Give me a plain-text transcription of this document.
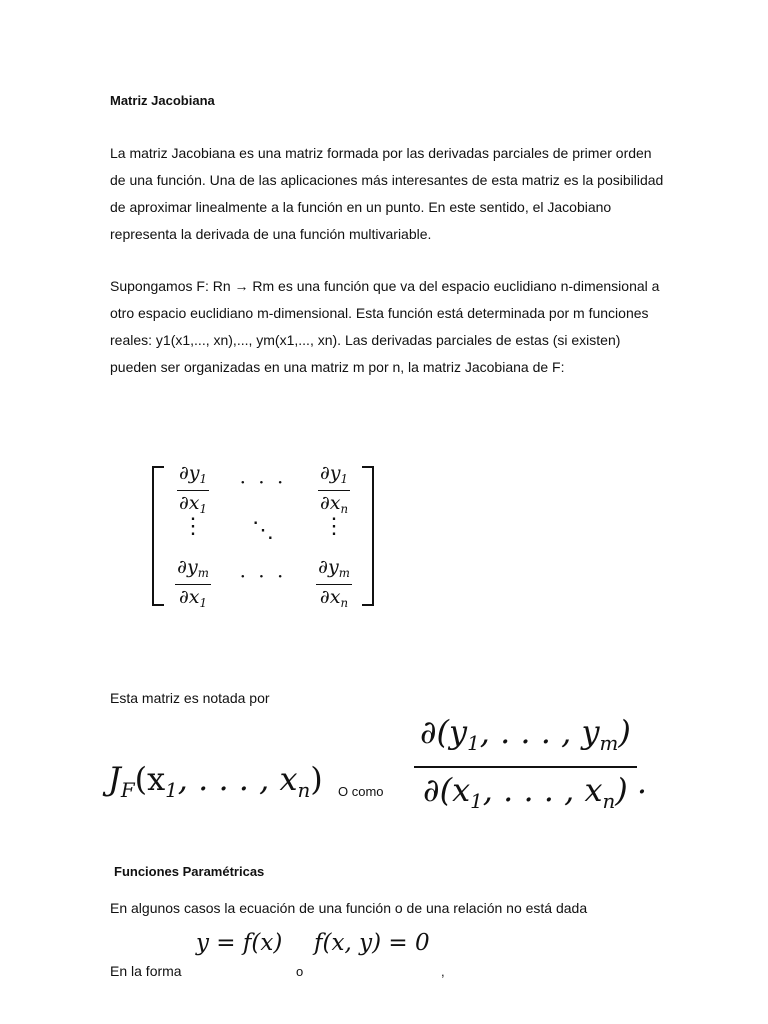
Matriz Jacobiana
La matriz Jacobiana es una matriz formada por las derivadas parciales de primer orden de una función. Una de las aplicaciones más interesantes de esta matriz es la posibilidad de aproximar linealmente a la función en un punto. En este sentido, el Jacobiano representa la derivada de una función multivariable.
Supongamos F: Rn → Rm es una función que va del espacio euclidiano n-dimensional a otro espacio euclidiano m-dimensional. Esta función está determinada por m funciones reales: y1(x1,..., xn),..., ym(x1,..., xn). Las derivadas parciales de estas (si existen) pueden ser organizadas en una matriz m por n, la matriz Jacobiana de F:
$\frac{\partial y_1}{\partial x_1}$ · · · $\frac{\partial y_1}{\partial x_n}$
⋮	⋱	⋮
$\frac{\partial y_m}{\partial x_1}$ · · · $\frac{\partial y_m}{\partial x_n}$
Esta matriz es notada por
$J_F(x_1$, . . . , $x_n$) O como $\frac{\partial(y_1, . . . , y_m)}{\partial(x_1, . . . , x_n)}$ .
Funciones Paramétricas
En algunos casos la ecuación de una función o de una relación no está dada
y = f(x) f(x, y) = 0
En la forma	o	,
